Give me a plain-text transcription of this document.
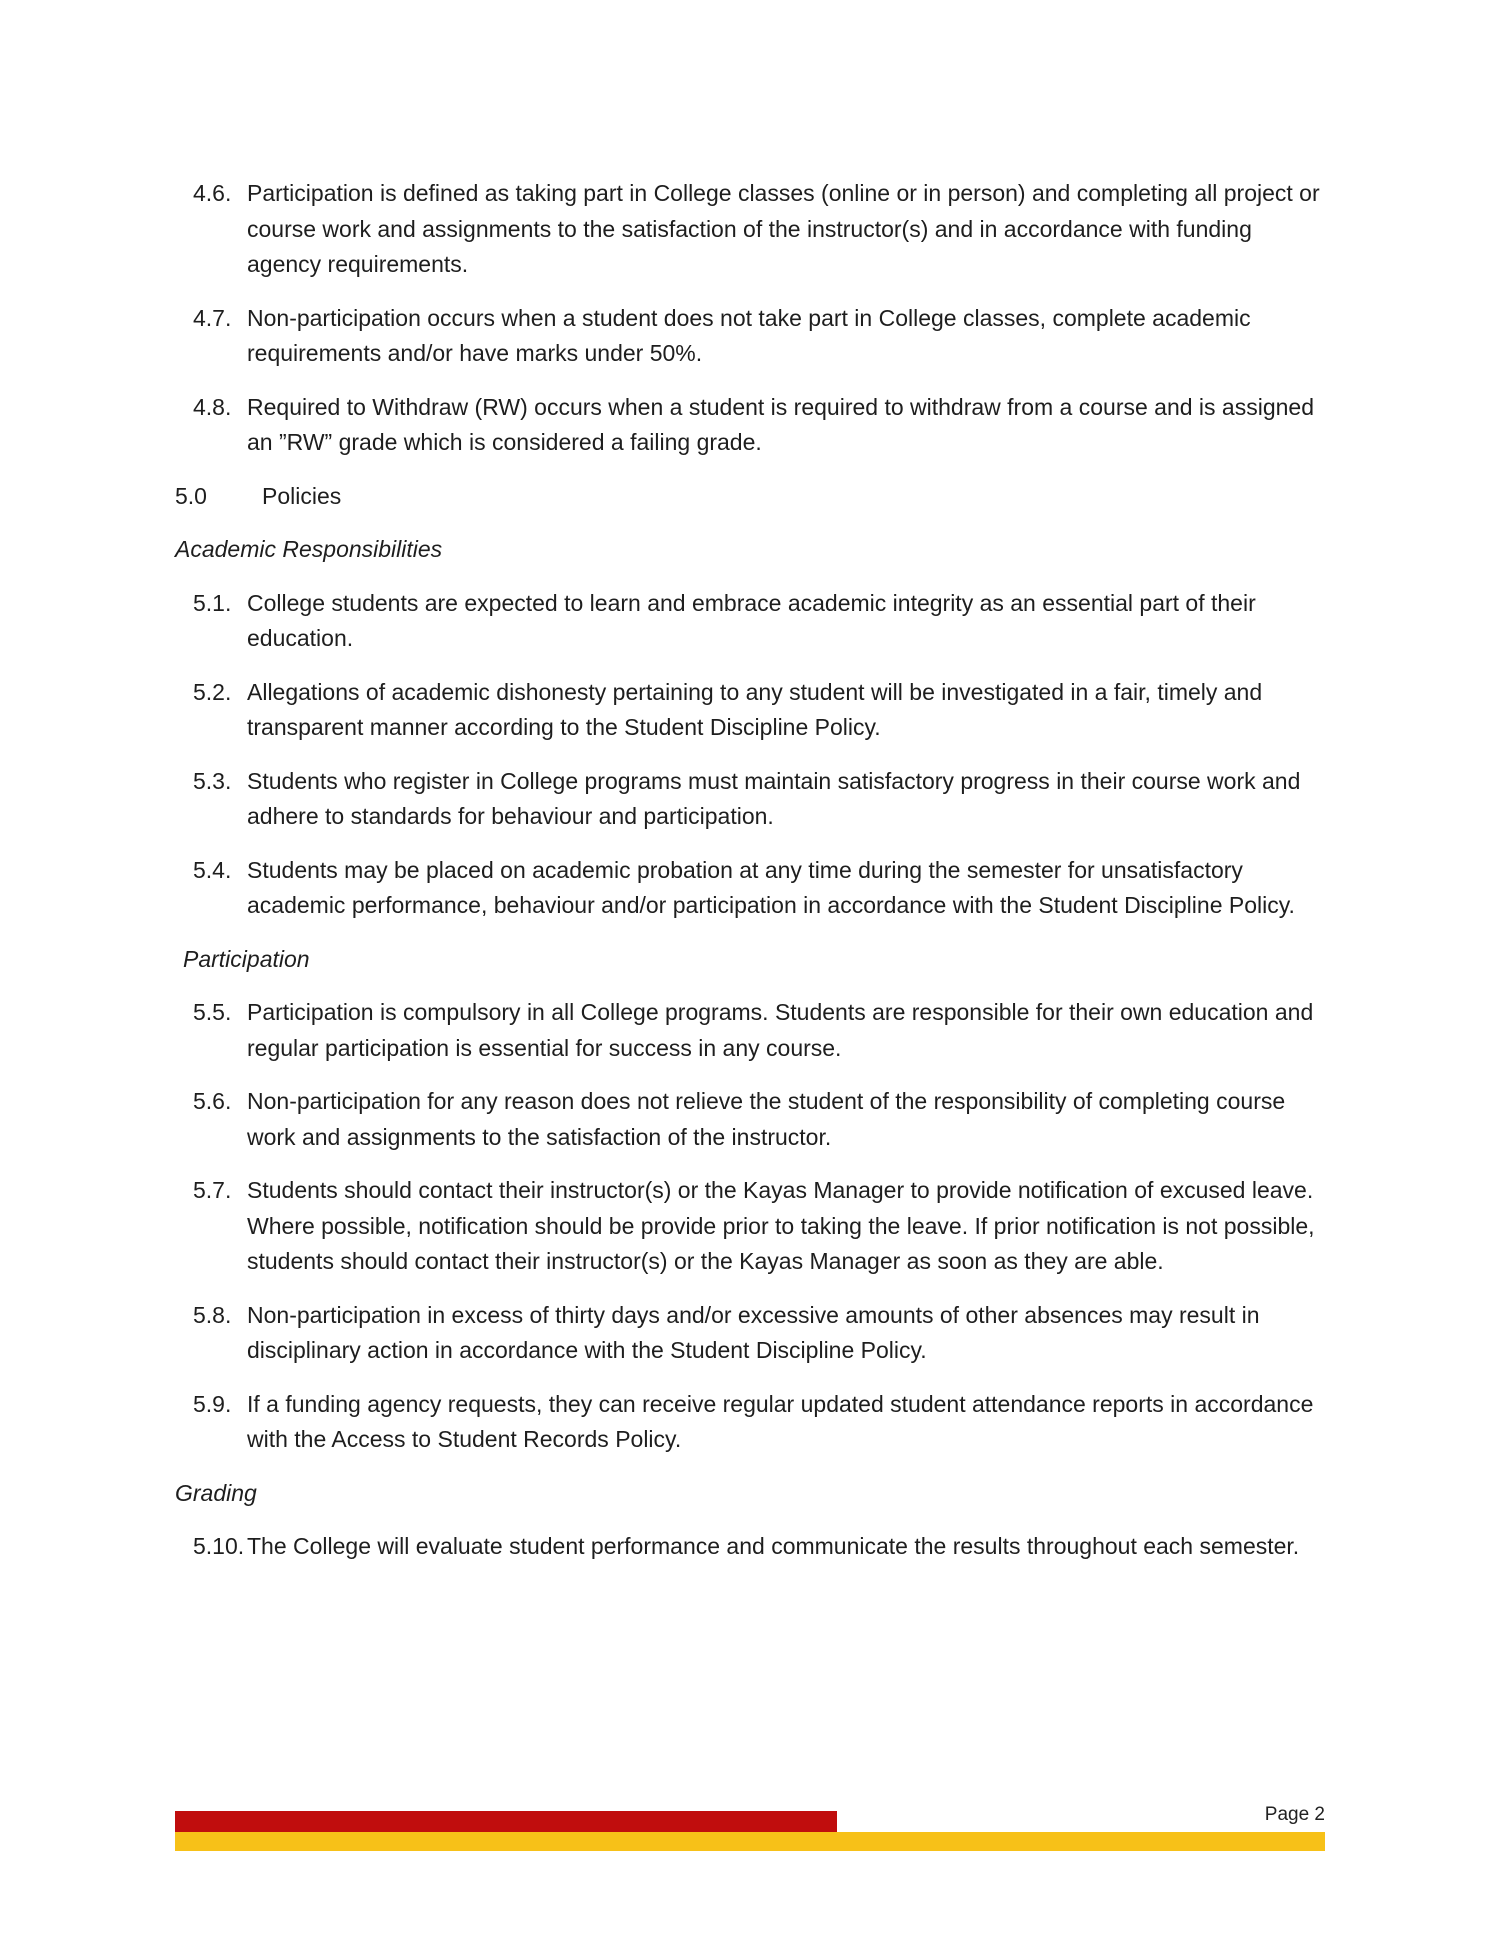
4.6. Participation is defined as taking part in College classes (online or in person) and completing all project or course work and assignments to the satisfaction of the instructor(s) and in accordance with funding agency requirements.
4.7. Non-participation occurs when a student does not take part in College classes, complete academic requirements and/or have marks under 50%.
4.8. Required to Withdraw (RW) occurs when a student is required to withdraw from a course and is assigned an ”RW” grade which is considered a failing grade.
5.0 Policies
Academic Responsibilities
5.1. College students are expected to learn and embrace academic integrity as an essential part of their education.
5.2. Allegations of academic dishonesty pertaining to any student will be investigated in a fair, timely and transparent manner according to the Student Discipline Policy.
5.3. Students who register in College programs must maintain satisfactory progress in their course work and adhere to standards for behaviour and participation.
5.4. Students may be placed on academic probation at any time during the semester for unsatisfactory academic performance, behaviour and/or participation in accordance with the Student Discipline Policy.
Participation
5.5. Participation is compulsory in all College programs. Students are responsible for their own education and regular participation is essential for success in any course.
5.6. Non-participation for any reason does not relieve the student of the responsibility of completing course work and assignments to the satisfaction of the instructor.
5.7. Students should contact their instructor(s) or the Kayas Manager to provide notification of excused leave. Where possible, notification should be provide prior to taking the leave. If prior notification is not possible, students should contact their instructor(s) or the Kayas Manager as soon as they are able.
5.8. Non-participation in excess of thirty days and/or excessive amounts of other absences may result in disciplinary action in accordance with the Student Discipline Policy.
5.9. If a funding agency requests, they can receive regular updated student attendance reports in accordance with the Access to Student Records Policy.
Grading
5.10. The College will evaluate student performance and communicate the results throughout each semester.
Page 2
